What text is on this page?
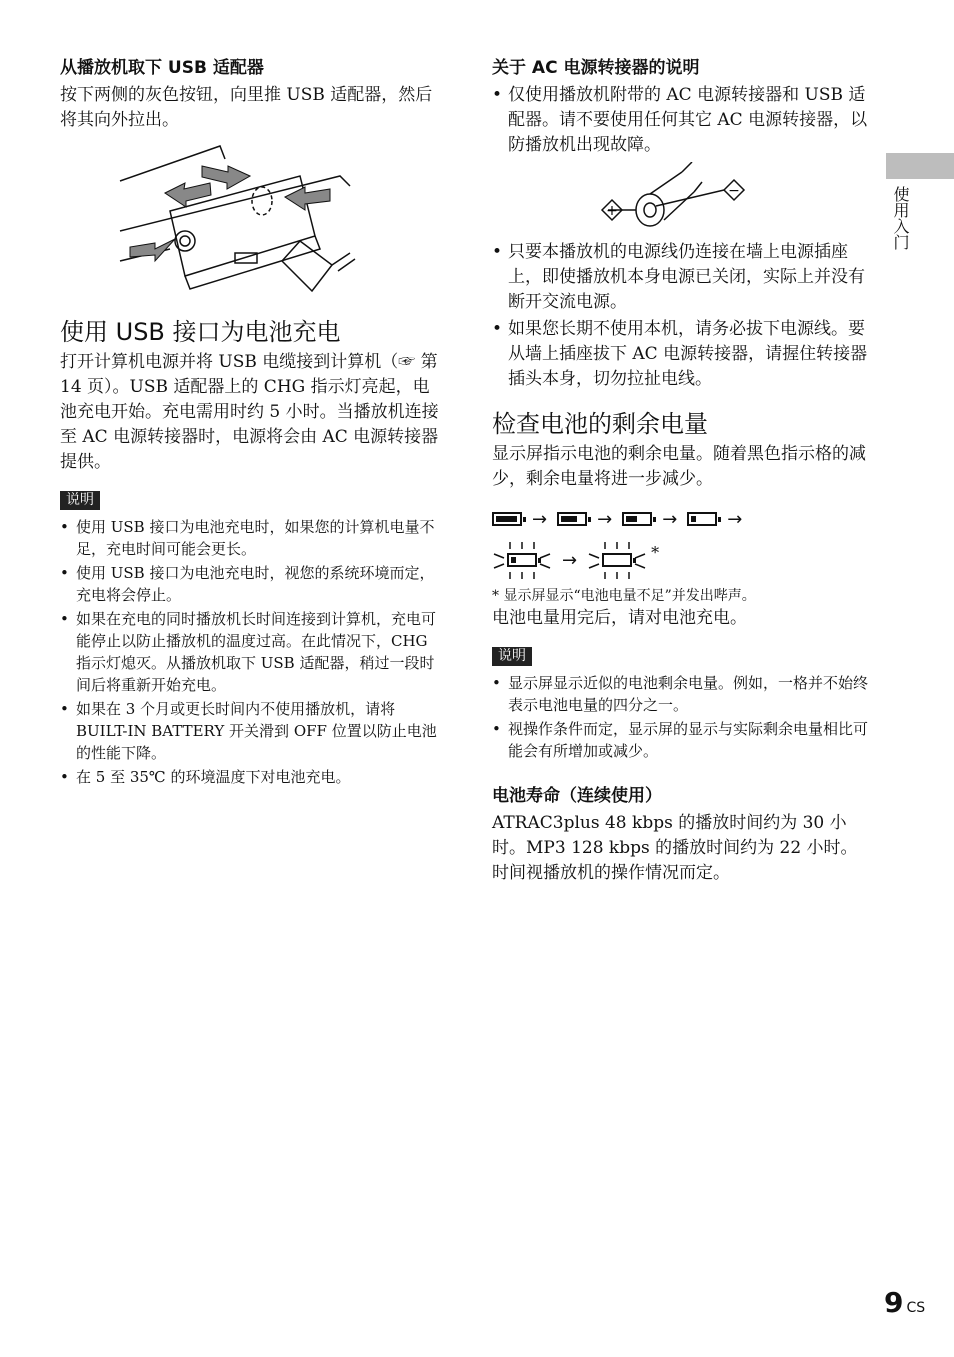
使用入门
从播放机取下 USB 适配器

按下两侧的灰色按钮，向里推 USB 适配器，然后将其向外拉出。

使用 USB 接口为电池充电

打开计算机电源并将 USB 电缆接到计算机（☞ 第 14 页）。USB 适配器上的 CHG 指示灯亮起，电池充电开始。充电需用时约 5 小时。当播放机连接至 AC 电源转接器时，电源将会由 AC 电源转接器提供。

说明
• 使用 USB 接口为电池充电时，如果您的计算机电量不足，充电时间可能会更长。
• 使用 USB 接口为电池充电时，视您的系统环境而定，充电将会停止。
• 如果在充电的同时播放机长时间连接到计算机，充电可能停止以防止播放机的温度过高。在此情况下，CHG 指示灯熄灭。从播放机取下 USB 适配器，稍过一段时间后将重新开始充电。
• 如果在 3 个月或更长时间内不使用播放机，请将 BUILT-IN BATTERY 开关滑到 OFF 位置以防止电池的性能下降。
• 在 5 至 35℃ 的环境温度下对电池充电。
关于 AC 电源转接器的说明
• 仅使用播放机附带的 AC 电源转接器和 USB 适配器。请不要使用任何其它 AC 电源转接器，以防播放机出现故障。
+
−
• 只要本播放机的电源线仍连接在墙上电源插座上，即使播放机本身电源已关闭，实际上并没有断开交流电源。
• 如果您长期不使用本机，请务必拔下电源线。要从墙上插座拔下 AC 电源转接器，请握住转接器插头本身，切勿拉扯电线。
检查电池的剩余电量

显示屏指示电池的剩余电量。随着黑色指示格的减少，剩余电量将进一步减少。

→	→	→	→
→	*

* 显示屏显示“电池电量不足”并发出哔声。

电池电量用完后，请对电池充电。

说明
• 显示屏显示近似的电池剩余电量。例如，一格并不始终表示电池电量的四分之一。
• 视操作条件而定，显示屏的显示与实际剩余电量相比可能会有所增加或减少。
电池寿命（连续使用）

ATRAC3plus 48 kbps 的播放时间约为 30 小时。MP3 128 kbps 的播放时间约为 22 小时。

时间视播放机的操作情况而定。

9 CS
